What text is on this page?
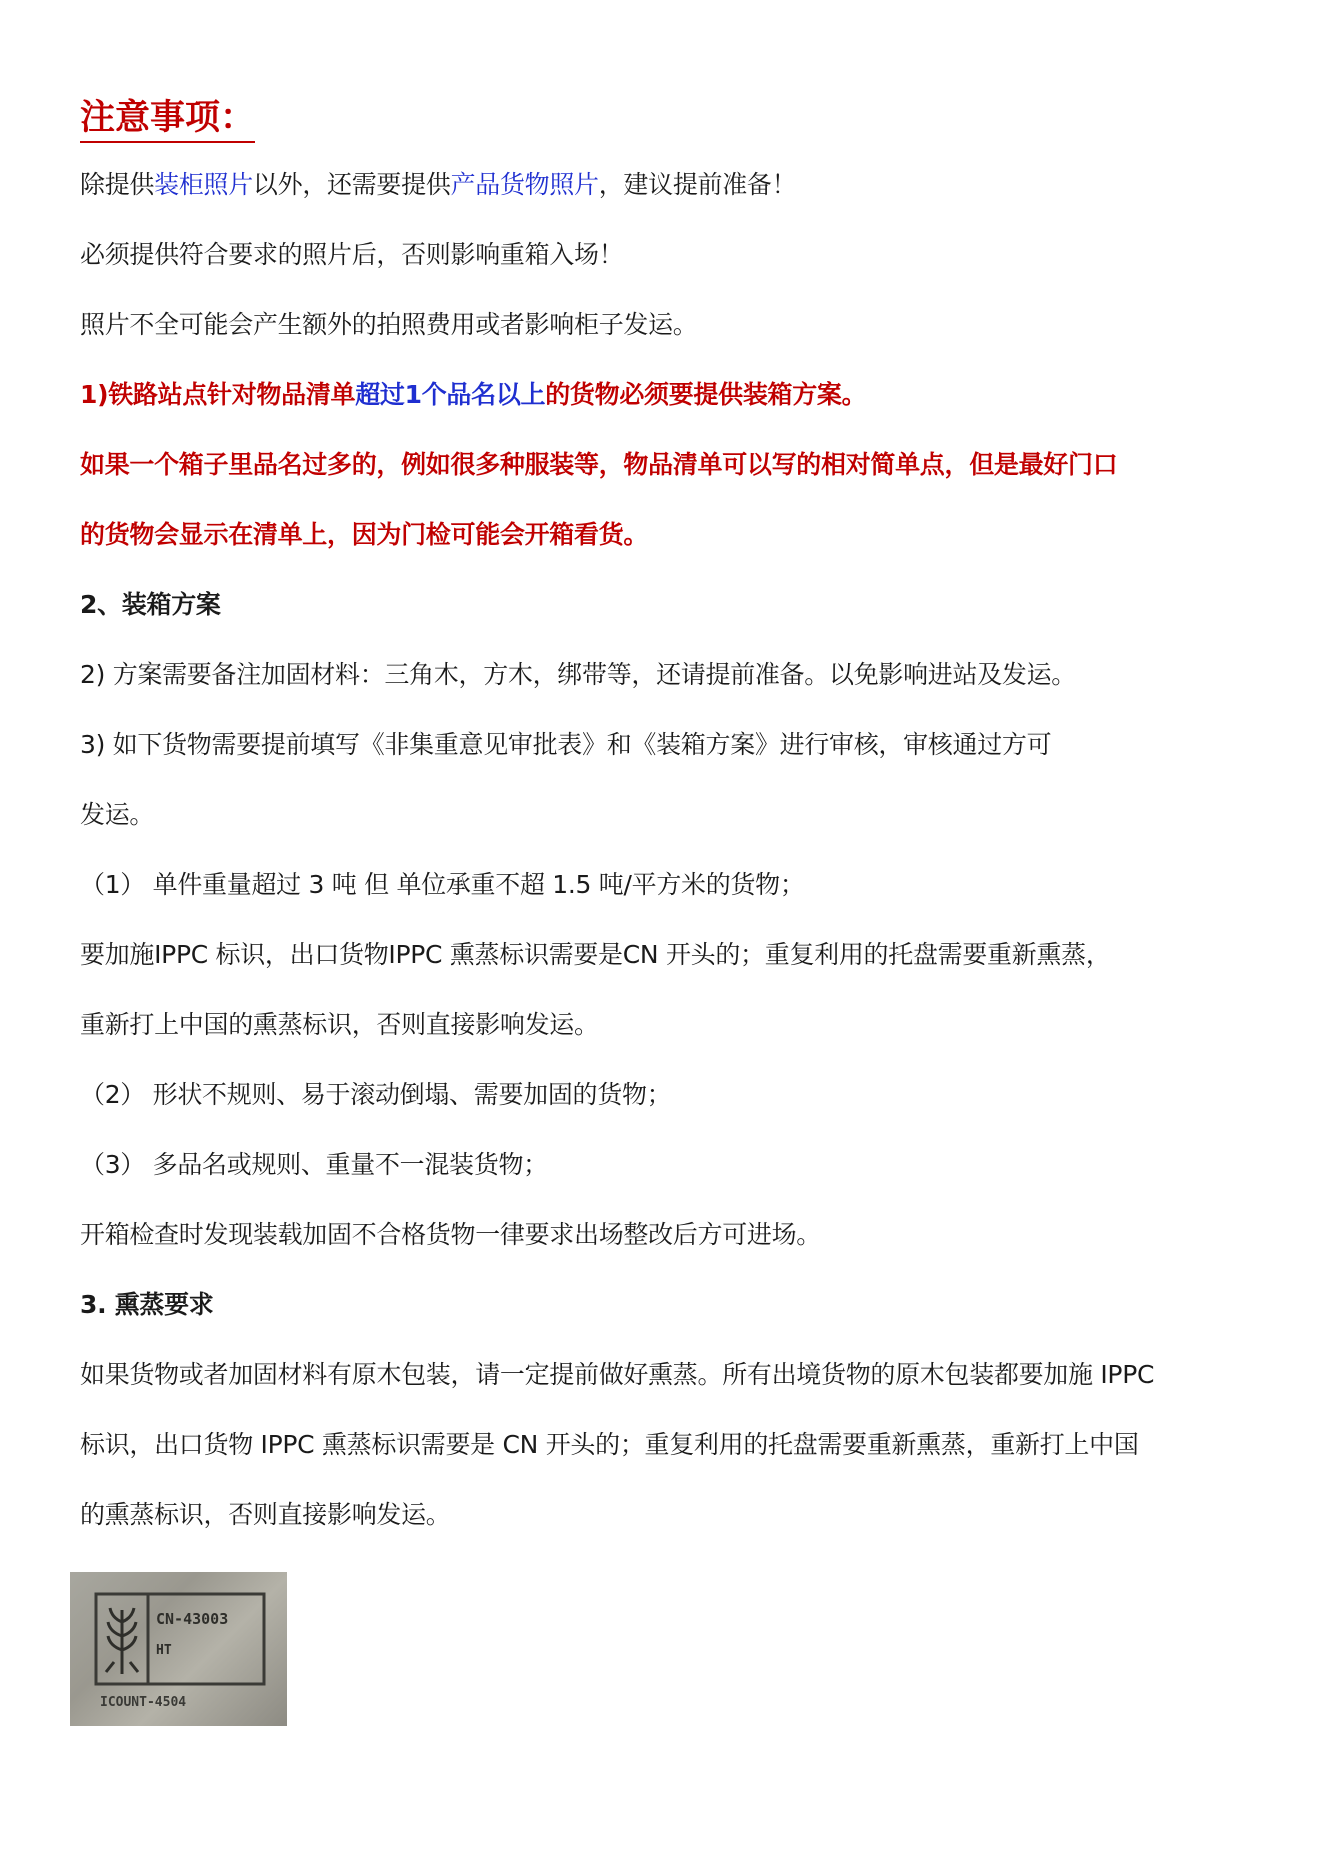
注意事项：

除提供装柜照片以外，还需要提供产品货物照片，建议提前准备！

必须提供符合要求的照片后，否则影响重箱入场！

照片不全可能会产生额外的拍照费用或者影响柜子发运。

1)铁路站点针对物品清单超过1个品名以上的货物必须要提供装箱方案。

如果一个箱子里品名过多的，例如很多种服装等，物品清单可以写的相对简单点，但是最好门口

的货物会显示在清单上，因为门检可能会开箱看货。

2、装箱方案

2) 方案需要备注加固材料：三角木，方木，绑带等，还请提前准备。以免影响进站及发运。

3) 如下货物需要提前填写《非集重意见审批表》和《装箱方案》进行审核，审核通过方可

发运。

（1） 单件重量超过 3 吨 但 单位承重不超 1.5 吨/平方米的货物；

要加施IPPC 标识，出口货物IPPC 熏蒸标识需要是CN 开头的；重复利用的托盘需要重新熏蒸，

重新打上中国的熏蒸标识，否则直接影响发运。

（2） 形状不规则、易于滚动倒塌、需要加固的货物；

（3） 多品名或规则、重量不一混装货物；

开箱检查时发现装载加固不合格货物一律要求出场整改后方可进场。

3. 熏蒸要求

如果货物或者加固材料有原木包装，请一定提前做好熏蒸。所有出境货物的原木包装都要加施 IPPC

标识，出口货物 IPPC 熏蒸标识需要是 CN 开头的；重复利用的托盘需要重新熏蒸，重新打上中国

的熏蒸标识，否则直接影响发运。

CN-43003
HT
ICOUNT-4504
